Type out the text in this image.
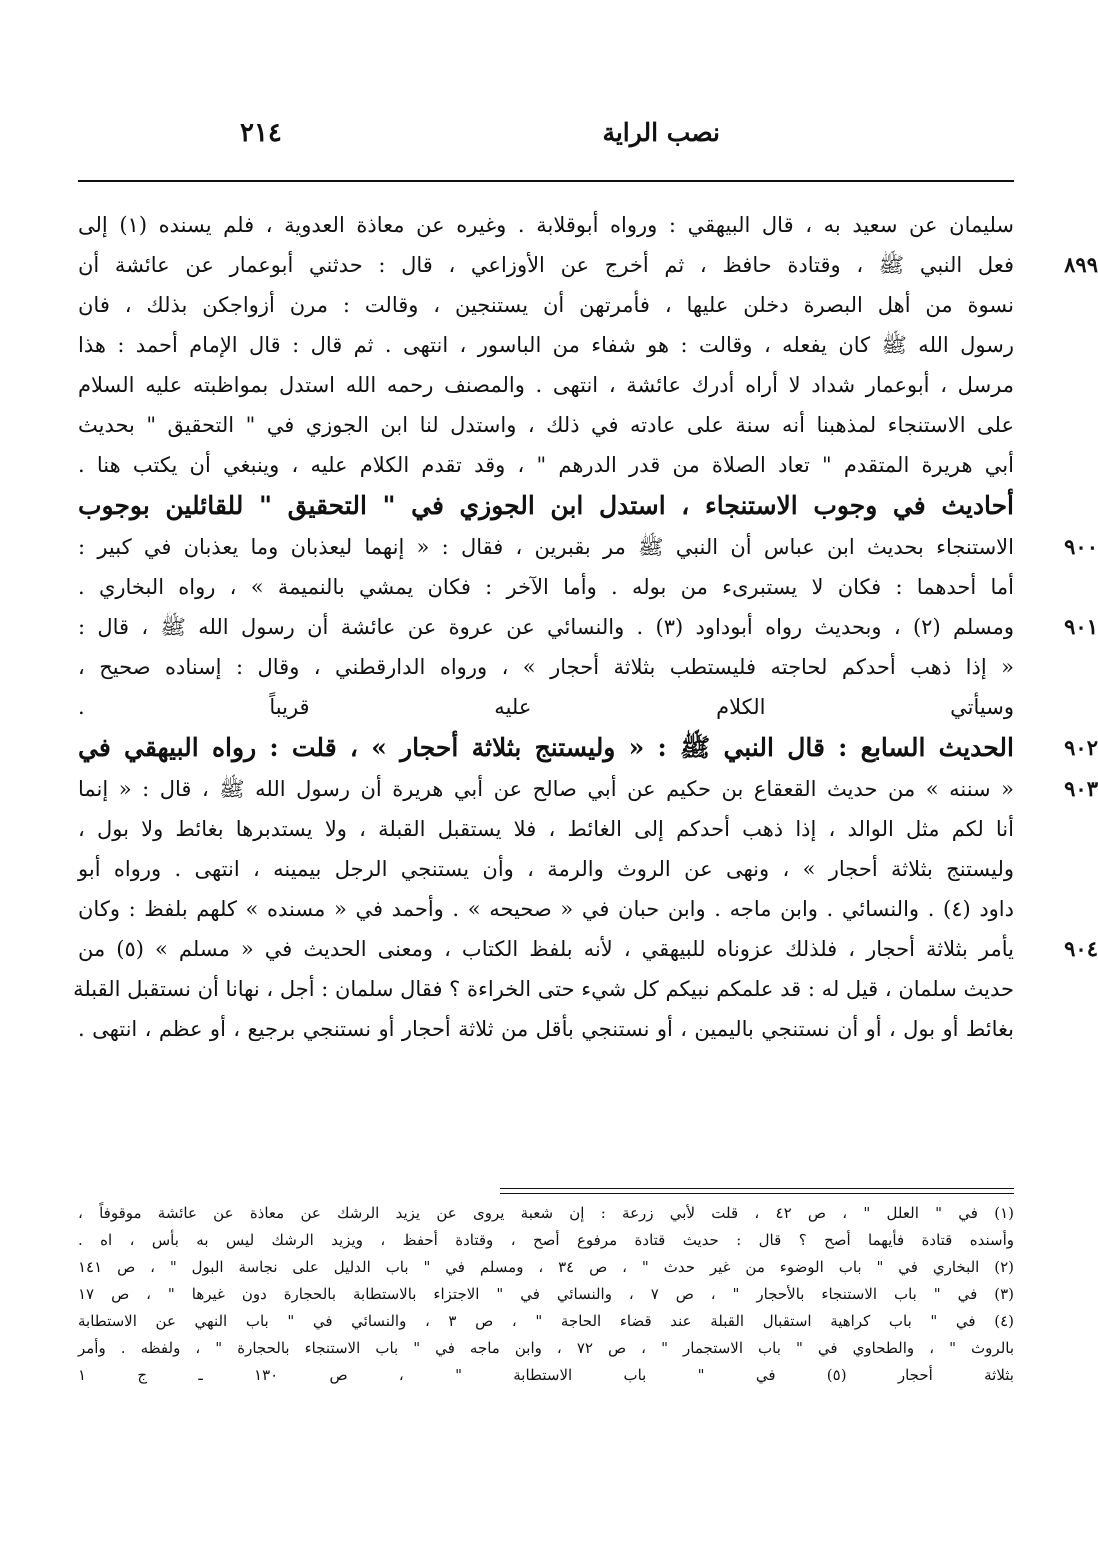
نصب الراية
٢١٤
سليمان عن سعيد به ، قال البيهقي : ورواه أبوقلابة . وغيره عن معاذة العدوية ، فلم يسنده (١) إلى
فعل النبي ﷺ ، وقتادة حافظ ، ثم أخرج عن الأوزاعي ، قال : حدثني أبوعمار عن عائشة أن	٨٩٩
نسوة من أهل البصرة دخلن عليها ، فأمرتهن أن يستنجين ، وقالت : مرن أزواجكن بذلك ، فان
رسول الله ﷺ كان يفعله ، وقالت : هو شفاء من الباسور ، انتهى . ثم قال : قال الإمام أحمد : هذا
مرسل ، أبوعمار شداد لا أراه أدرك عائشة ، انتهى . والمصنف رحمه الله استدل بمواظبته عليه السلام
على الاستنجاء لمذهبنا أنه سنة على عادته في ذلك ، واستدل لنا ابن الجوزي في " التحقيق " بحديث
أبي هريرة المتقدم " تعاد الصلاة من قدر الدرهم " ، وقد تقدم الكلام عليه ، وينبغي أن يكتب هنا .
أحاديث في وجوب الاستنجاء ، استدل ابن الجوزي في " التحقيق " للقائلين بوجوب
الاستنجاء بحديث ابن عباس أن النبي ﷺ مر بقبرين ، فقال : « إنهما ليعذبان وما يعذبان في كبير :	٩٠٠
أما أحدهما : فكان لا يستبرىء من بوله . وأما الآخر : فكان يمشي بالنميمة » ، رواه البخاري .
ومسلم (٢) ، وبحديث رواه أبوداود (٣) . والنسائي عن عروة عن عائشة أن رسول الله ﷺ ، قال :	٩٠١
« إذا ذهب أحدكم لحاجته فليستطب بثلاثة أحجار » ، ورواه الدارقطني ، وقال : إسناده صحيح ،
وسيأتي الكلام عليه قريباً .
الحديث السابع : قال النبي ﷺ : « وليستنج بثلاثة أحجار » ، قلت : رواه البيهقي في	٩٠٢
« سننه » من حديث القعقاع بن حكيم عن أبي صالح عن أبي هريرة أن رسول الله ﷺ ، قال : « إنما	٩٠٣
أنا لكم مثل الوالد ، إذا ذهب أحدكم إلى الغائط ، فلا يستقبل القبلة ، ولا يستدبرها بغائط ولا بول ،
وليستنج بثلاثة أحجار » ، ونهى عن الروث والرمة ، وأن يستنجي الرجل بيمينه ، انتهى . ورواه أبو
داود (٤) . والنسائي . وابن ماجه . وابن حبان في « صحيحه » . وأحمد في « مسنده » كلهم بلفظ : وكان
يأمر بثلاثة أحجار ، فلذلك عزوناه للبيهقي ، لأنه بلفظ الكتاب ، ومعنى الحديث في « مسلم » (٥) من	٩٠٤
حديث سلمان ، قيل له : قد علمكم نبيكم كل شيء حتى الخراءة ؟ فقال سلمان : أجل ، نهانا أن نستقبل القبلة
بغائط أو بول ، أو أن نستنجي باليمين ، أو نستنجي بأقل من ثلاثة أحجار أو نستنجي برجيع ، أو عظم ، انتهى .
(١) في " العلل " ، ص ٤٢ ، قلت لأبي زرعة : إن شعبة يروى عن يزيد الرشك عن معاذة عن عائشة موقوفاً ،
وأسنده قتادة فأيهما أصح ؟ قال : حديث قتادة مرفوع أصح ، وقتادة أحفظ ، ويزيد الرشك ليس به بأس ، اه .
(٢) البخاري في " باب الوضوء من غير حدث " ، ص ٣٤ ، ومسلم في " باب الدليل على نجاسة البول " ، ص ١٤١
(٣) في " باب الاستنجاء بالأحجار " ، ص ٧ ، والنسائي في " الاجتزاء بالاستطابة بالحجارة دون غيرها " ، ص ١٧
(٤) في " باب كراهية استقبال القبلة عند قضاء الحاجة " ، ص ٣ ، والنسائي في " باب النهي عن الاستطابة
بالروث " ، والطحاوي في " باب الاستجمار " ، ص ٧٢ ، وابن ماجه في " باب الاستنجاء بالحجارة " ، ولفظه . وأمر
بثلاثة أحجار (٥) في " باب الاستطابة " ، ص ١٣٠ ـ ج ١
